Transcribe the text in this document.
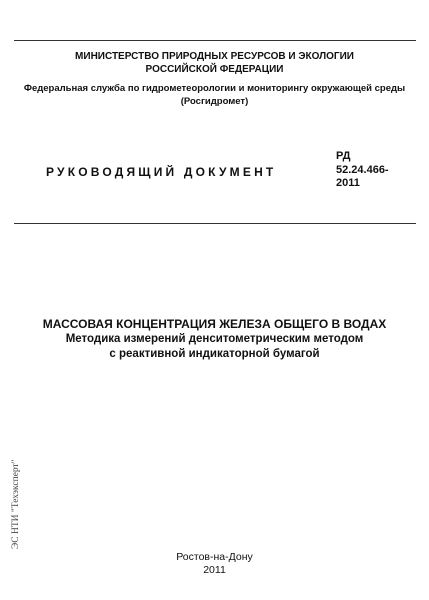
МИНИСТЕРСТВО ПРИРОДНЫХ РЕСУРСОВ И ЭКОЛОГИИ
РОССИЙСКОЙ ФЕДЕРАЦИИ
Федеральная служба по гидрометеорологии и мониторингу окружающей среды
(Росгидромет)
РУКОВОДЯЩИЙ ДОКУМЕНТ
РД
52.24.466-
2011
МАССОВАЯ КОНЦЕНТРАЦИЯ ЖЕЛЕЗА ОБЩЕГО В ВОДАХ
Методика измерений денситометрическим методом
с реактивной индикаторной бумагой
ЭС НТИ "Техэксперт"
Ростов-на-Дону
2011
